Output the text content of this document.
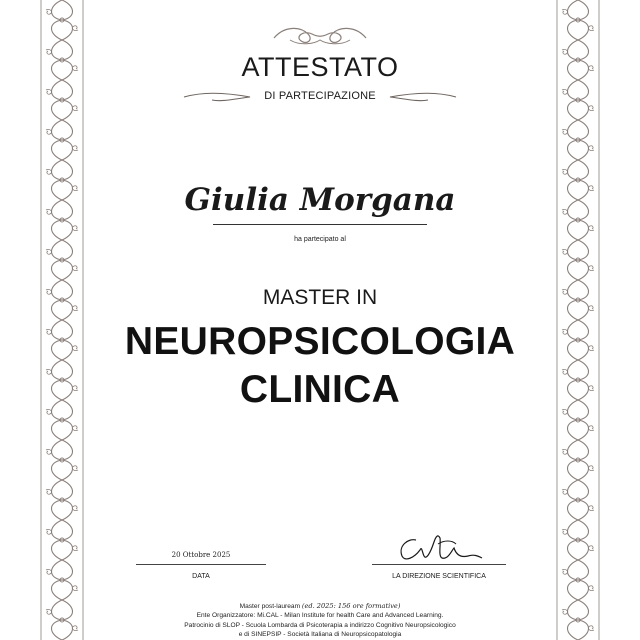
ATTESTATO
DI PARTECIPAZIONE
Giulia Morgana
ha partecipato al
MASTER IN
NEUROPSICOLOGIA
CLINICA
20 Ottobre 2025
DATA	LA DIREZIONE SCIENTIFICA
Master post-lauream (ed. 2025: 156 ore formative)
Ente Organizzatore: Mi.CAL - Milan Institute for health Care and Advanced Learning.
Patrocinio di SLOP - Scuola Lombarda di Psicoterapia a indirizzo Cognitivo Neuropsicologico
e di SINEPSIP - Società Italiana di Neuropsicopatologia
